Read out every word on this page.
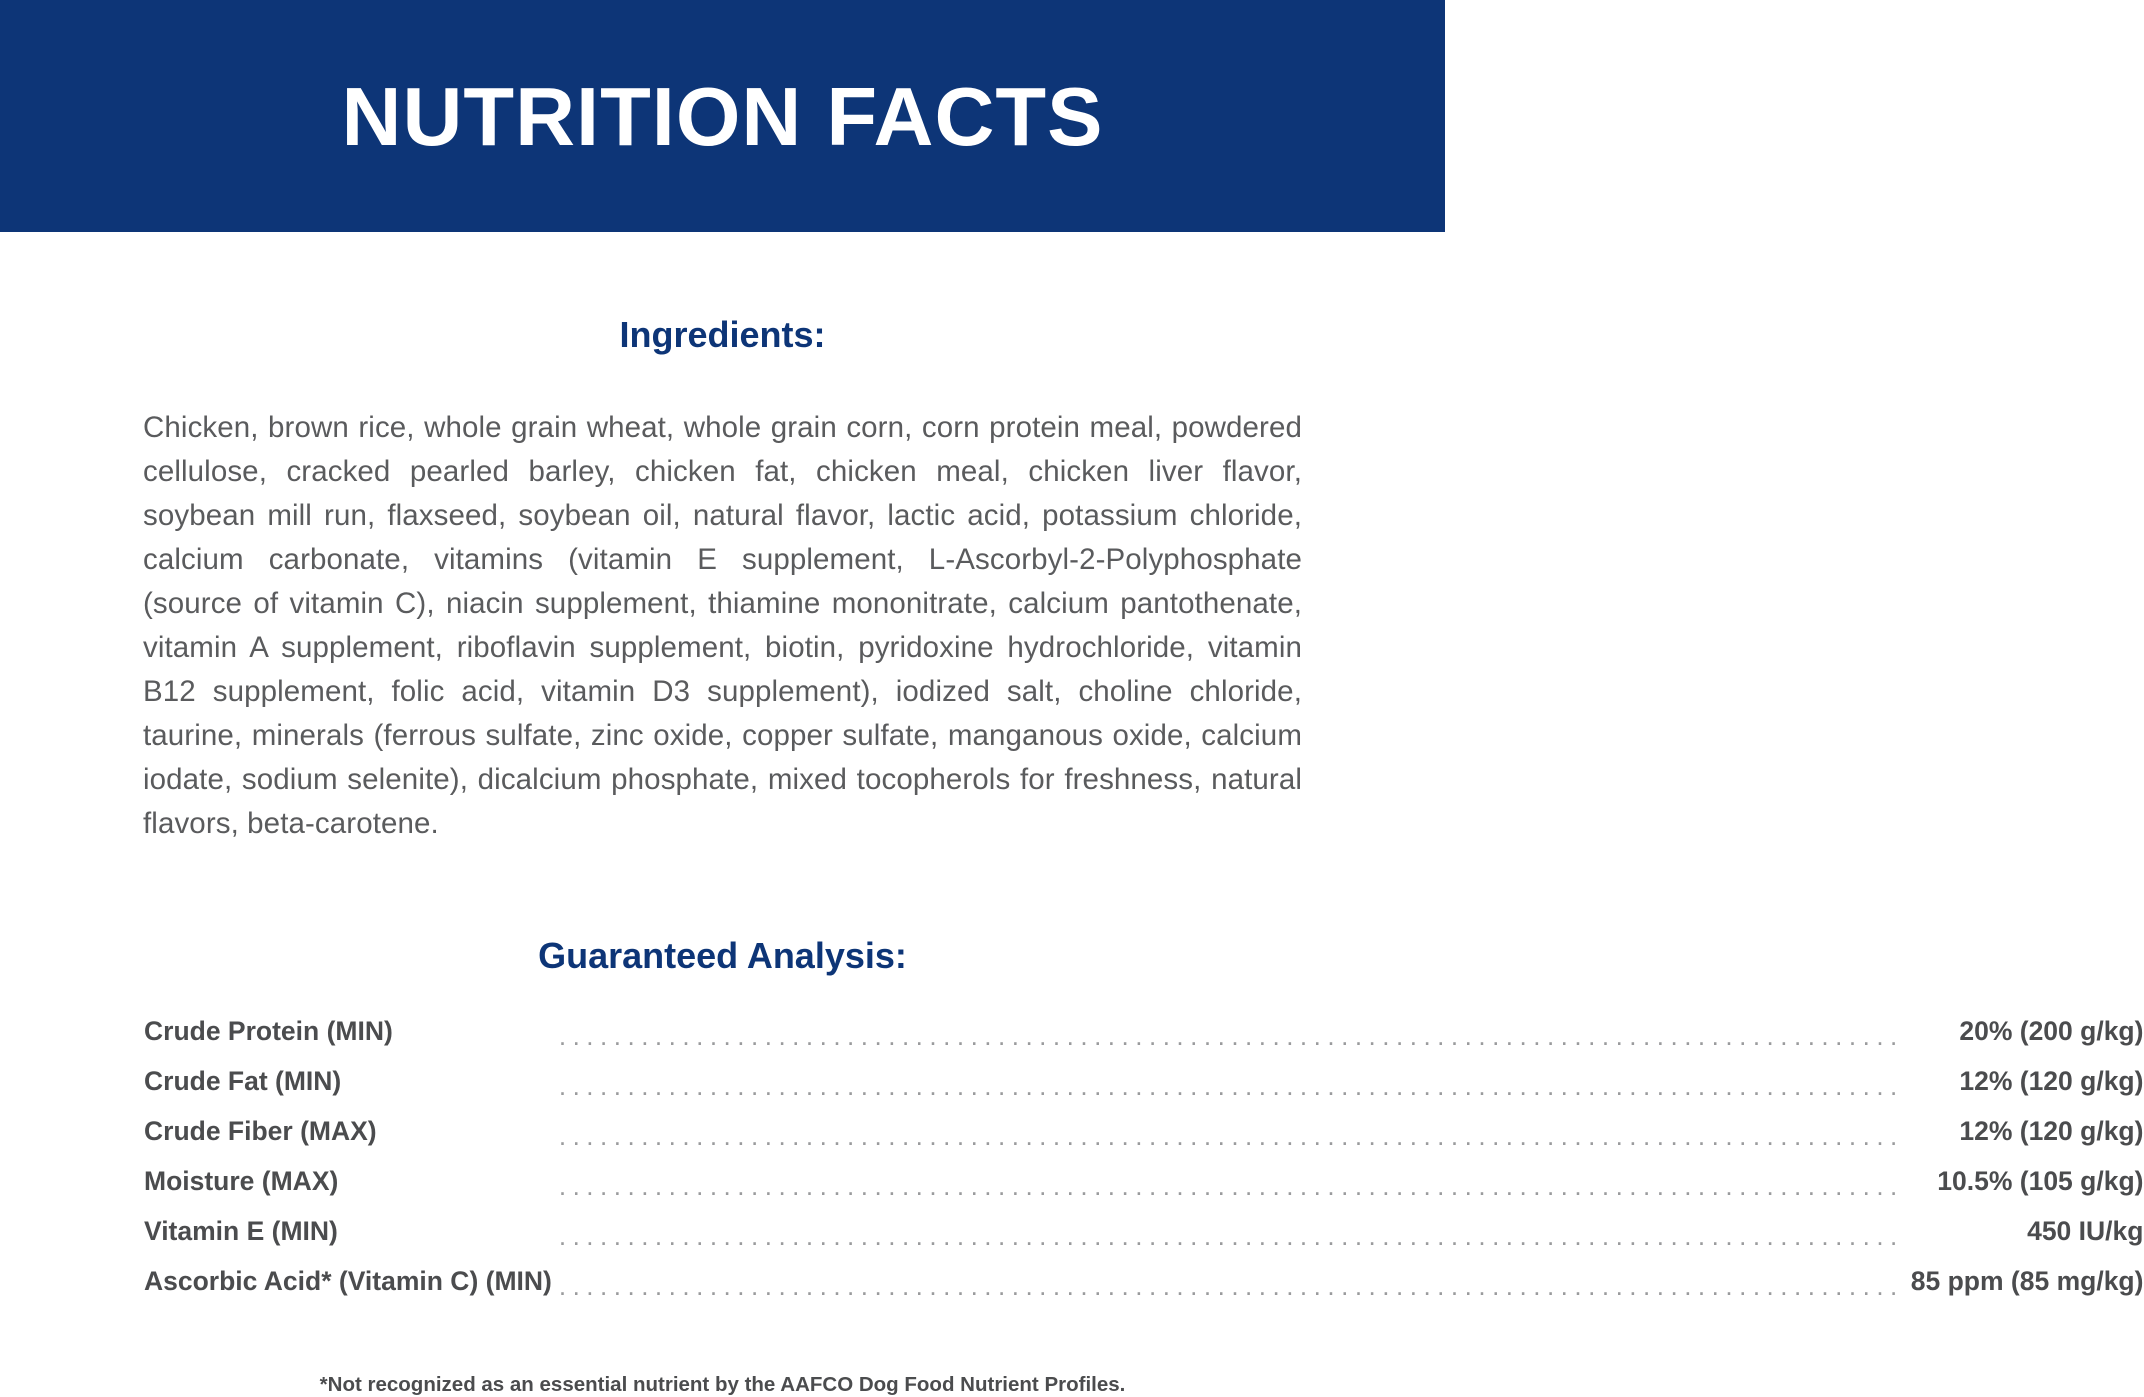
NUTRITION FACTS
Ingredients:

Chicken, brown rice, whole grain wheat, whole grain corn, corn protein meal, powdered cellulose, cracked pearled barley, chicken fat, chicken meal, chicken liver flavor, soybean mill run, flaxseed, soybean oil, natural flavor, lactic acid, potassium chloride, calcium carbonate, vitamins (vitamin E supplement, L-Ascorbyl-2-Polyphosphate (source of vitamin C), niacin supplement, thiamine mononitrate, calcium pantothenate, vitamin A supplement, riboflavin supplement, biotin, pyridoxine hydrochloride, vitamin B12 supplement, folic acid, vitamin D3 supplement), iodized salt, choline chloride, taurine, minerals (ferrous sulfate, zinc oxide, copper sulfate, manganous oxide, calcium iodate, sodium selenite), dicalcium phosphate, mixed tocopherols for freshness, natural flavors, beta-carotene.

Guaranteed Analysis:
Crude Protein (MIN)	..................................................................................................	20% (200 g/kg)
Crude Fat (MIN)	..................................................................................................	12% (120 g/kg)
Crude Fiber (MAX)	..................................................................................................	12% (120 g/kg)
Moisture (MAX)	..................................................................................................	10.5% (105 g/kg)
Vitamin E (MIN)	..................................................................................................	450 IU/kg
Ascorbic Acid* (Vitamin C) (MIN)	..................................................................................................	85 ppm (85 mg/kg)
*Not recognized as an essential nutrient by the AAFCO Dog Food Nutrient Profiles.
